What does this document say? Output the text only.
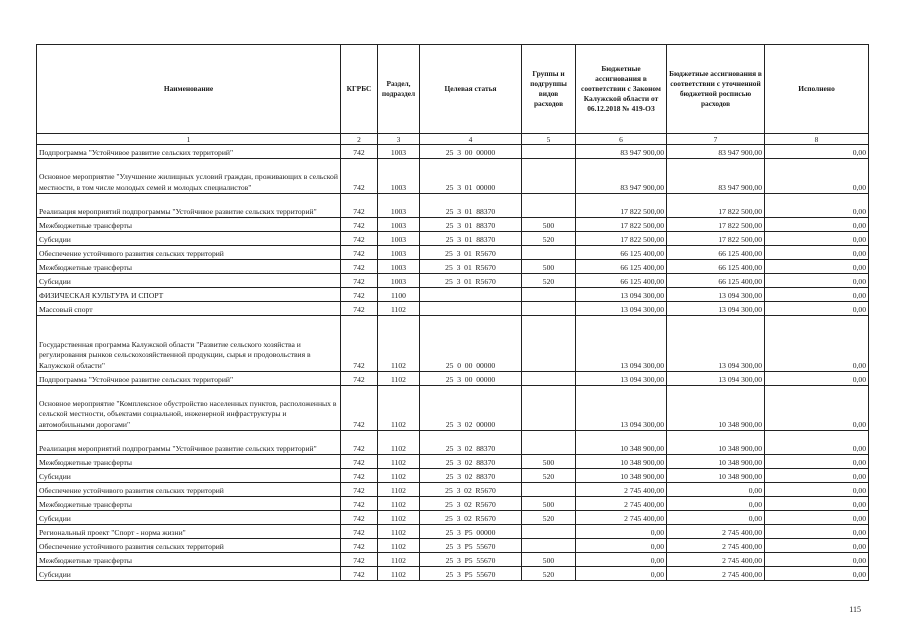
Наименование	КГРБС	Раздел, подраздел	Целевая статья	Группы и подгруппы видов расходов	Бюджетные ассигнования в соответствии с Законом Калужской области от 06.12.2018 № 419-ОЗ	Бюджетные ассигнования в соответствии с уточненной бюджетной росписью расходов	Исполнено
1	2	3	4	5	6	7	8
Подпрограмма "Устойчивое развитие сельских территорий"	742	1003	25  3  00  00000		83 947 900,00	83 947 900,00	0,00
Основное мероприятие "Улучшение жилищных условий граждан, проживающих в сельской местности, в том числе молодых семей и молодых специалистов"	742	1003	25  3  01  00000		83 947 900,00	83 947 900,00	0,00
Реализация мероприятий подпрограммы "Устойчивое развитие сельских территорий"	742	1003	25  3  01  88370		17 822 500,00	17 822 500,00	0,00
Межбюджетные трансферты	742	1003	25  3  01  88370	500	17 822 500,00	17 822 500,00	0,00
Субсидии	742	1003	25  3  01  88370	520	17 822 500,00	17 822 500,00	0,00
Обеспечение устойчивого развития сельских территорий	742	1003	25  3  01  R5670		66 125 400,00	66 125 400,00	0,00
Межбюджетные трансферты	742	1003	25  3  01  R5670	500	66 125 400,00	66 125 400,00	0,00
Субсидии	742	1003	25  3  01  R5670	520	66 125 400,00	66 125 400,00	0,00
ФИЗИЧЕСКАЯ КУЛЬТУРА И СПОРТ	742	1100			13 094 300,00	13 094 300,00	0,00
Массовый спорт	742	1102			13 094 300,00	13 094 300,00	0,00
Государственная программа Калужской области "Развитие сельского хозяйства и регулирования рынков сельскохозяйственной продукции, сырья и продовольствия в Калужской области"	742	1102	25  0  00  00000		13 094 300,00	13 094 300,00	0,00
Подпрограмма "Устойчивое развитие сельских территорий"	742	1102	25  3  00  00000		13 094 300,00	13 094 300,00	0,00
Основное мероприятие "Комплексное обустройство населенных пунктов, расположенных в сельской местности, объектами социальной, инженерной инфраструктуры и автомобильными дорогами"	742	1102	25  3  02  00000		13 094 300,00	10 348 900,00	0,00
Реализация мероприятий подпрограммы "Устойчивое развитие сельских территорий"	742	1102	25  3  02  88370		10 348 900,00	10 348 900,00	0,00
Межбюджетные трансферты	742	1102	25  3  02  88370	500	10 348 900,00	10 348 900,00	0,00
Субсидии	742	1102	25  3  02  88370	520	10 348 900,00	10 348 900,00	0,00
Обеспечение устойчивого развития сельских территорий	742	1102	25  3  02  R5670		2 745 400,00	0,00	0,00
Межбюджетные трансферты	742	1102	25  3  02  R5670	500	2 745 400,00	0,00	0,00
Субсидии	742	1102	25  3  02  R5670	520	2 745 400,00	0,00	0,00
Региональный проект "Спорт - норма жизни"	742	1102	25  3  P5  00000		0,00	2 745 400,00	0,00
Обеспечение устойчивого развития сельских территорий	742	1102	25  3  P5  55670		0,00	2 745 400,00	0,00
Межбюджетные трансферты	742	1102	25  3  P5  55670	500	0,00	2 745 400,00	0,00
Субсидии	742	1102	25  3  P5  55670	520	0,00	2 745 400,00	0,00
115
